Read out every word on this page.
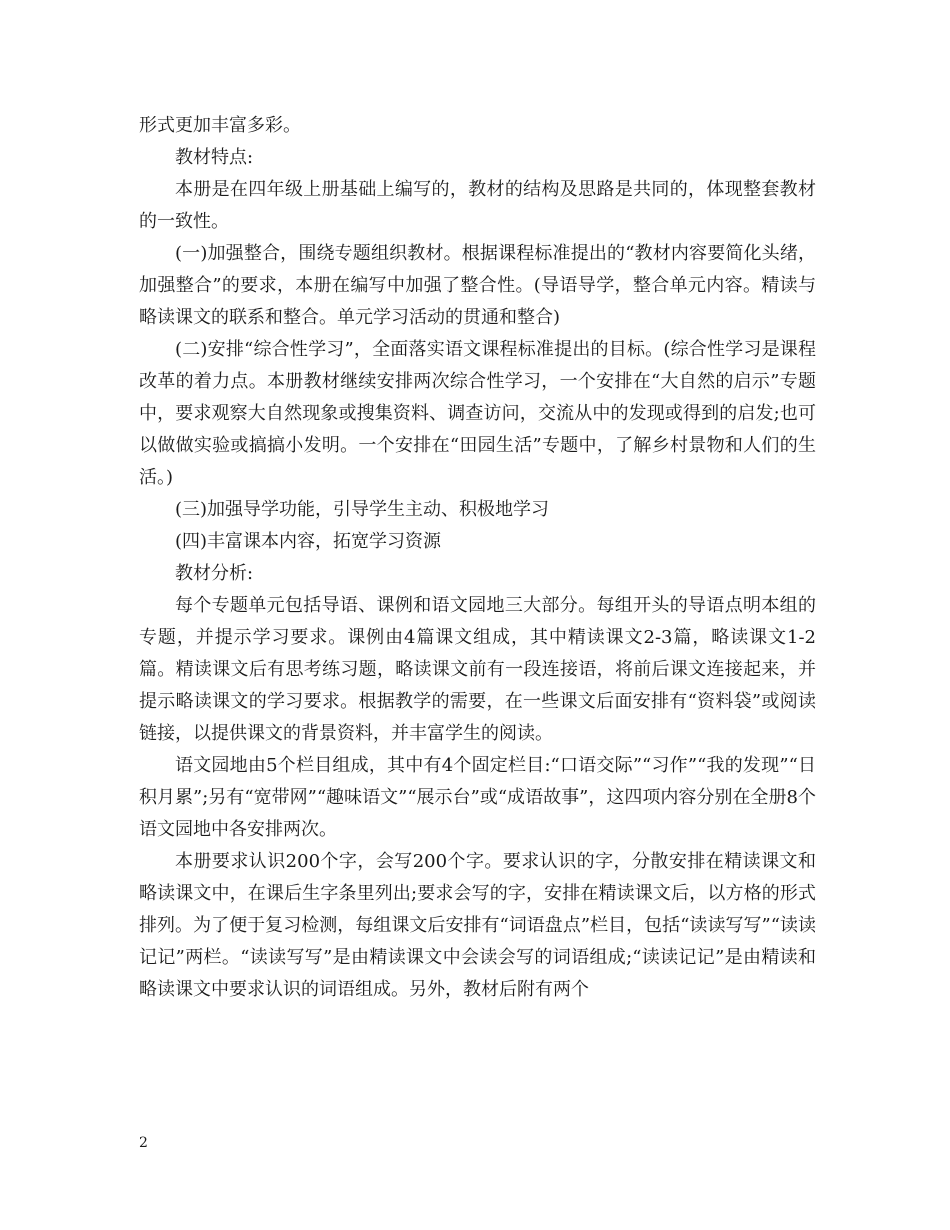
形式更加丰富多彩。

教材特点:

本册是在四年级上册基础上编写的，教材的结构及思路是共同的，体现整套教材的一致性。

(一)加强整合，围绕专题组织教材。根据课程标准提出的“教材内容要简化头绪，加强整合”的要求，本册在编写中加强了整合性。(导语导学，整合单元内容。精读与略读课文的联系和整合。单元学习活动的贯通和整合)

(二)安排“综合性学习”，全面落实语文课程标准提出的目标。(综合性学习是课程改革的着力点。本册教材继续安排两次综合性学习，一个安排在“大自然的启示”专题中，要求观察大自然现象或搜集资料、调查访问，交流从中的发现或得到的启发;也可以做做实验或搞搞小发明。一个安排在“田园生活”专题中，了解乡村景物和人们的生活。)

(三)加强导学功能，引导学生主动、积极地学习

(四)丰富课本内容，拓宽学习资源

教材分析:

每个专题单元包括导语、课例和语文园地三大部分。每组开头的导语点明本组的专题，并提示学习要求。课例由4篇课文组成，其中精读课文2-3篇，略读课文1-2篇。精读课文后有思考练习题，略读课文前有一段连接语，将前后课文连接起来，并提示略读课文的学习要求。根据教学的需要，在一些课文后面安排有“资料袋”或阅读链接，以提供课文的背景资料，并丰富学生的阅读。

语文园地由5个栏目组成，其中有4个固定栏目:“口语交际”“习作”“我的发现”“日积月累”;另有“宽带网”“趣味语文”“展示台”或“成语故事”，这四项内容分别在全册8个语文园地中各安排两次。

本册要求认识200个字，会写200个字。要求认识的字，分散安排在精读课文和略读课文中，在课后生字条里列出;要求会写的字，安排在精读课文后，以方格的形式排列。为了便于复习检测，每组课文后安排有“词语盘点”栏目，包括“读读写写”“读读记记”两栏。“读读写写”是由精读课文中会读会写的词语组成;“读读记记”是由精读和略读课文中要求认识的词语组成。另外，教材后附有两个

2
